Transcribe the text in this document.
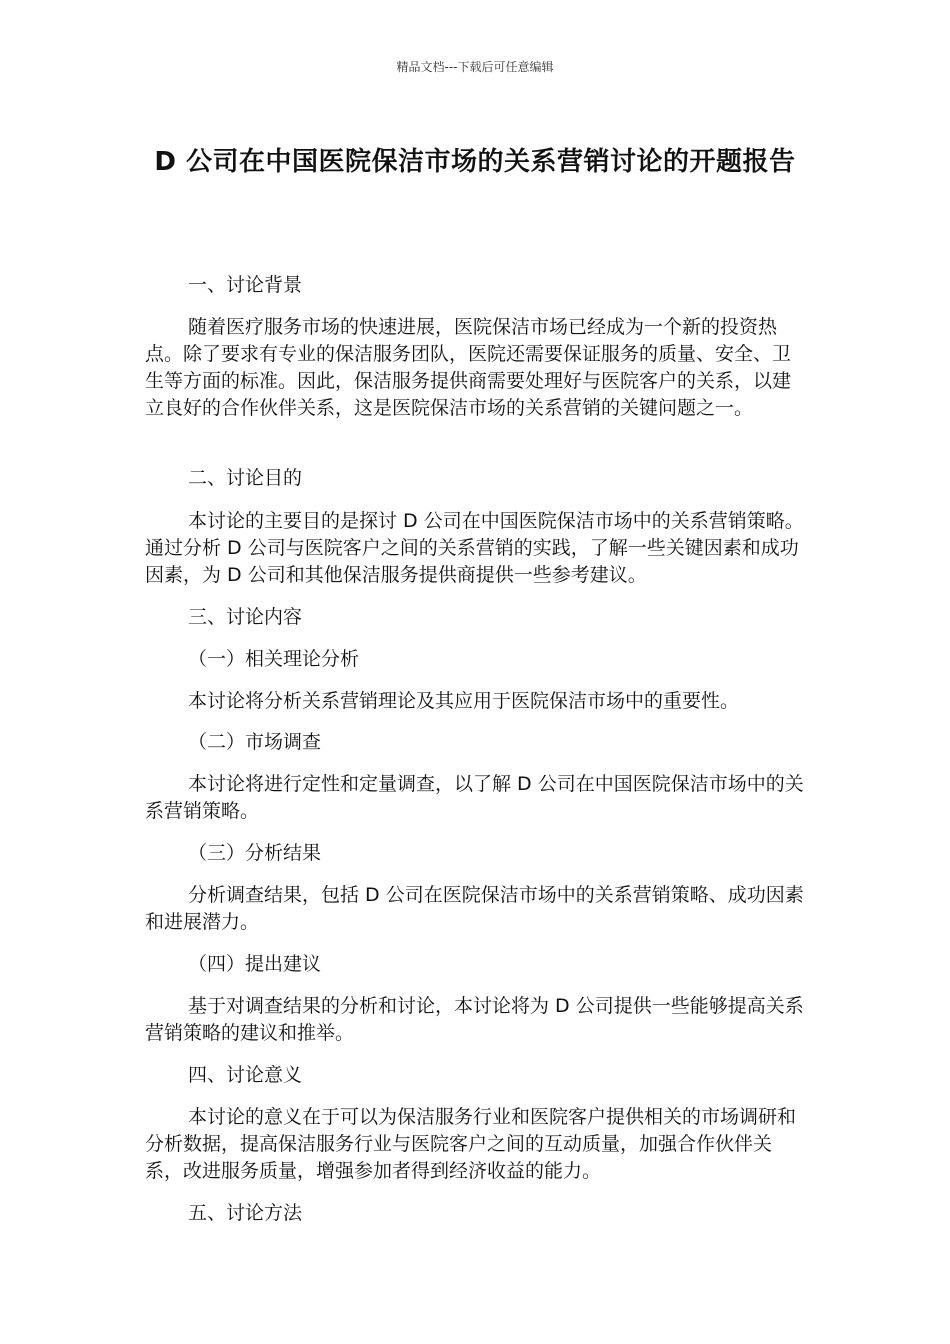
精品文档---下载后可任意编辑
D 公司在中国医院保洁市场的关系营销讨论的开题报告
一、讨论背景
随着医疗服务市场的快速进展，医院保洁市场已经成为一个新的投资热点。除了要求有专业的保洁服务团队，医院还需要保证服务的质量、安全、卫生等方面的标准。因此，保洁服务提供商需要处理好与医院客户的关系，以建立良好的合作伙伴关系，这是医院保洁市场的关系营销的关键问题之一。
二、讨论目的
本讨论的主要目的是探讨 D 公司在中国医院保洁市场中的关系营销策略。通过分析 D 公司与医院客户之间的关系营销的实践，了解一些关键因素和成功因素，为 D 公司和其他保洁服务提供商提供一些参考建议。
三、讨论内容
（一）相关理论分析
本讨论将分析关系营销理论及其应用于医院保洁市场中的重要性。
（二）市场调查
本讨论将进行定性和定量调查，以了解 D 公司在中国医院保洁市场中的关系营销策略。
（三）分析结果
分析调查结果，包括 D 公司在医院保洁市场中的关系营销策略、成功因素和进展潜力。
（四）提出建议
基于对调查结果的分析和讨论，本讨论将为 D 公司提供一些能够提高关系营销策略的建议和推举。
四、讨论意义
本讨论的意义在于可以为保洁服务行业和医院客户提供相关的市场调研和分析数据，提高保洁服务行业与医院客户之间的互动质量，加强合作伙伴关系，改进服务质量，增强参加者得到经济收益的能力。
五、讨论方法
